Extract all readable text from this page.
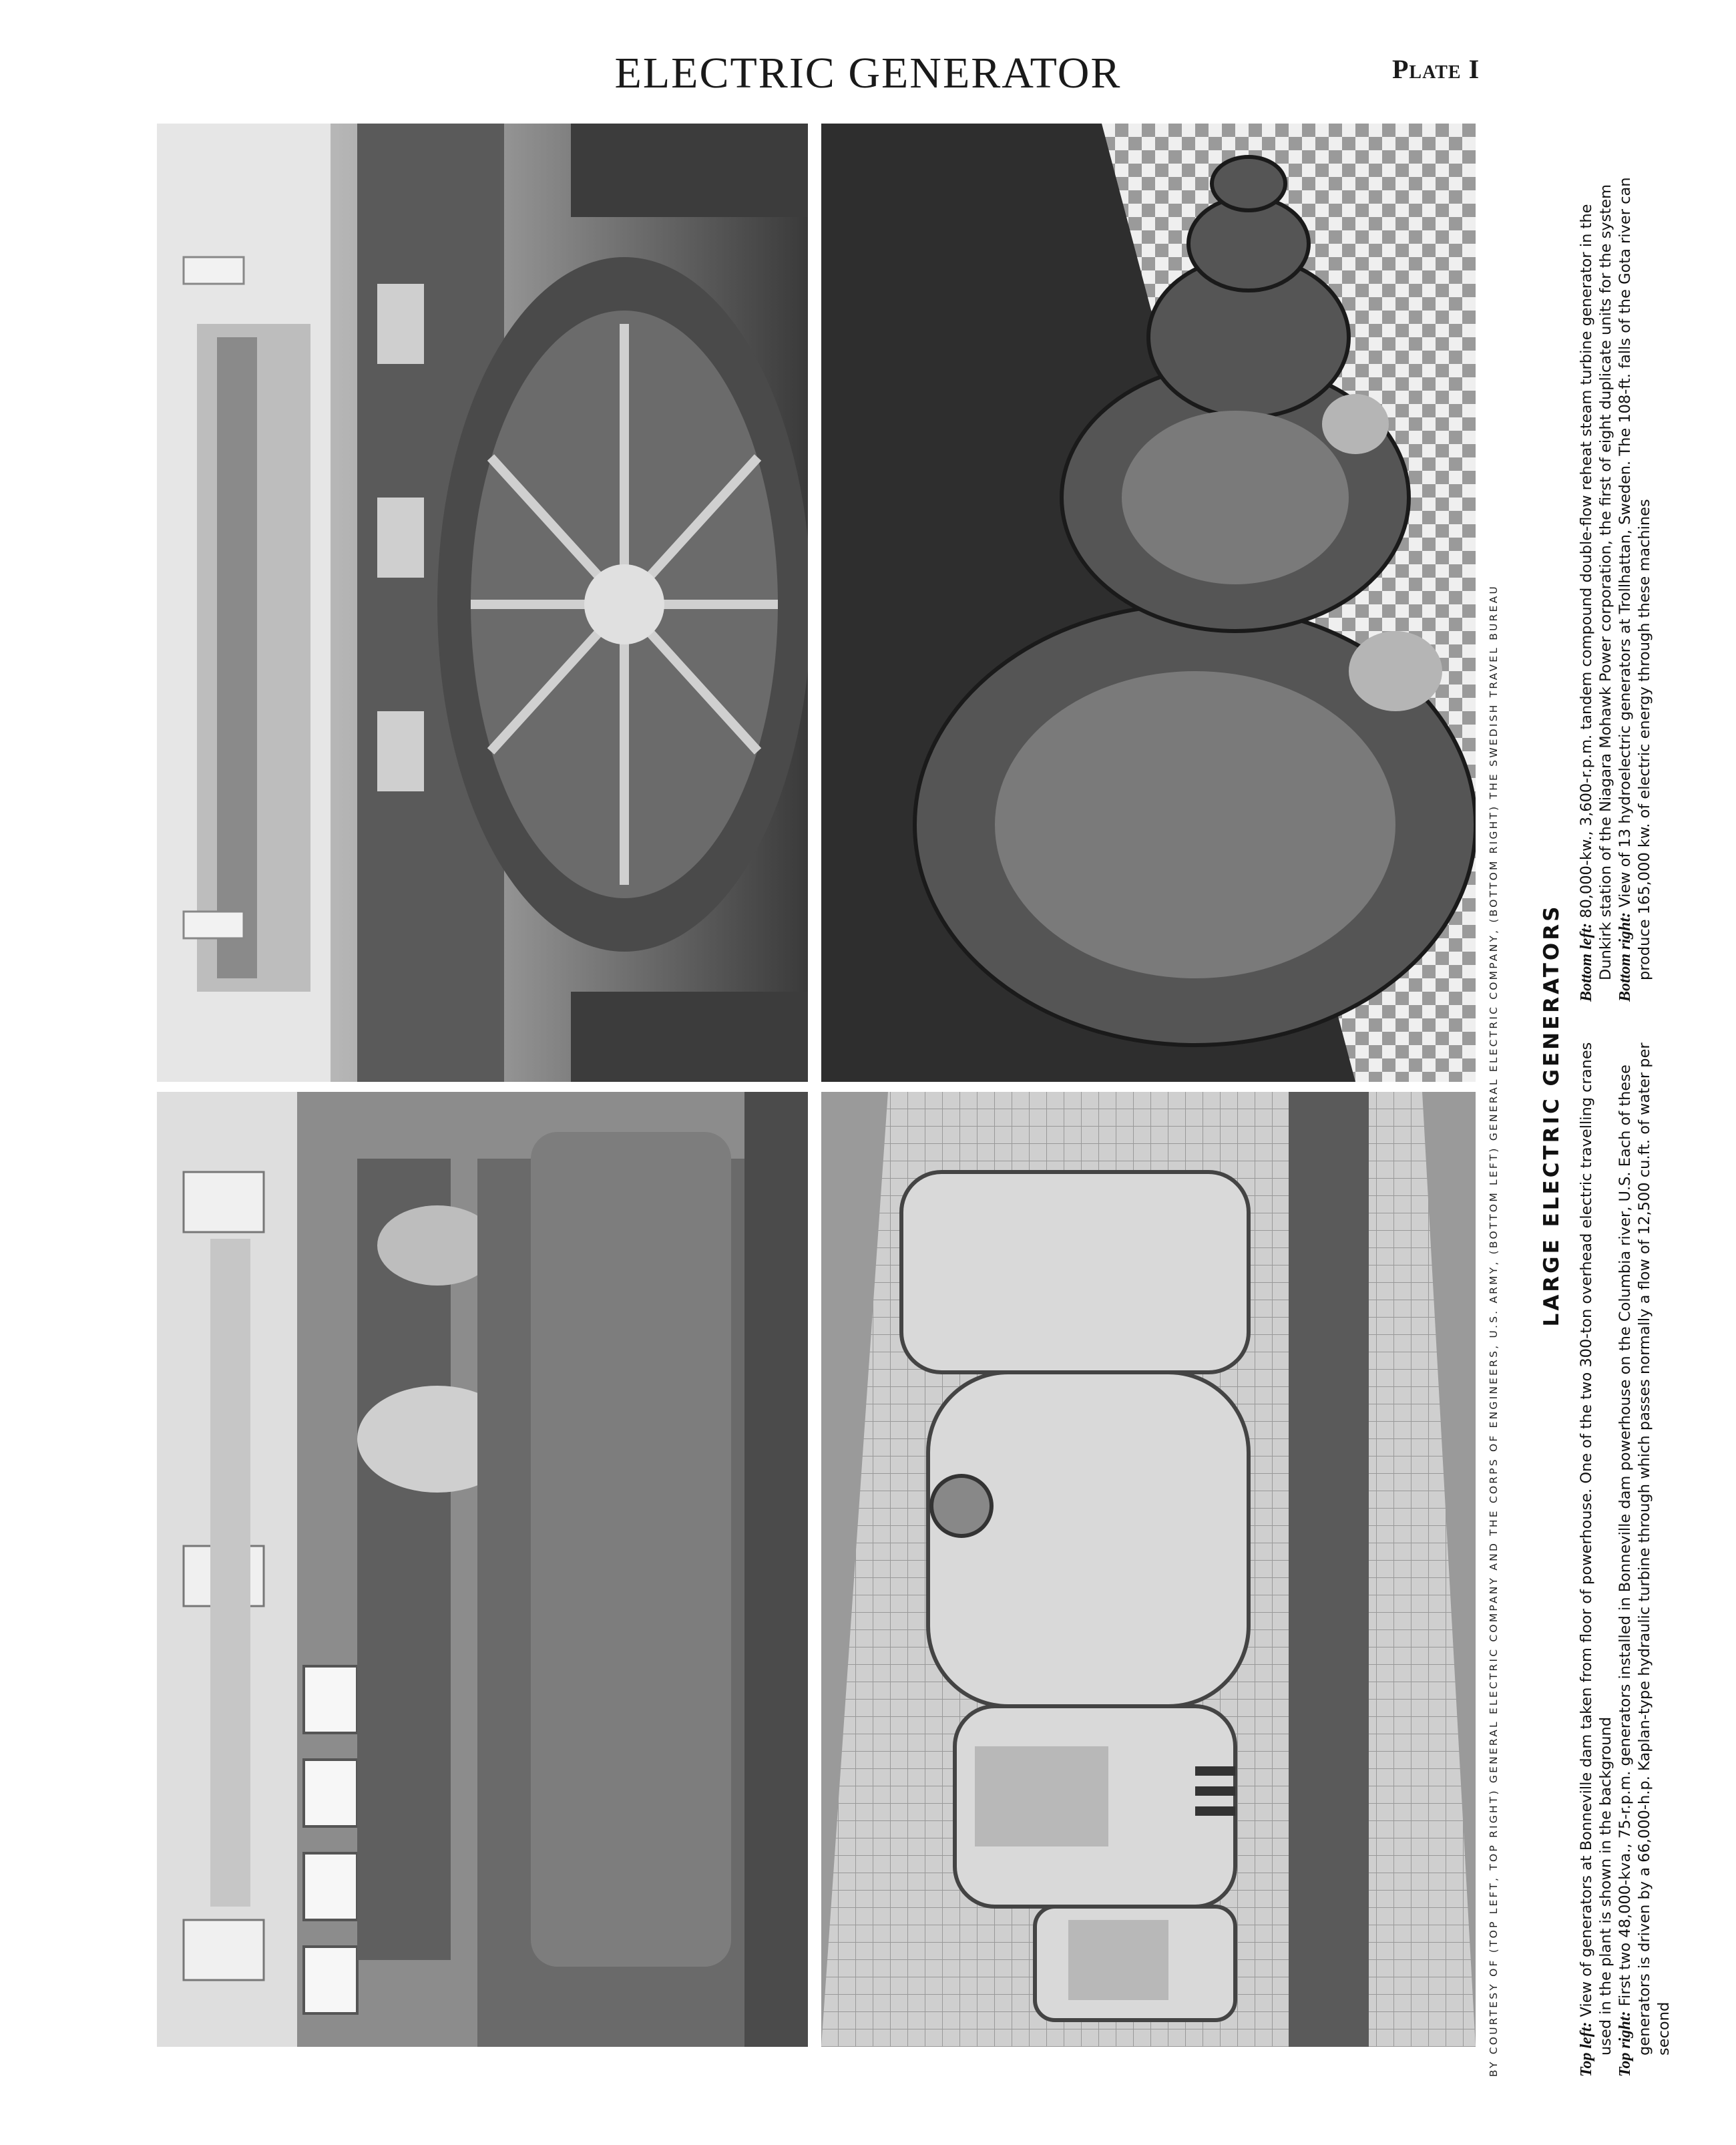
ELECTRIC GENERATOR	Plate I
BY COURTESY OF (TOP LEFT, TOP RIGHT) GENERAL ELECTRIC COMPANY AND THE CORPS OF ENGINEERS, U.S. ARMY, (BOTTOM LEFT) GENERAL ELECTRIC COMPANY, (BOTTOM RIGHT) THE SWEDISH TRAVEL BUREAU LARGE ELECTRIC GENERATORS

Top left: View of generators at Bonneville dam taken from floor of powerhouse. One of the two 300-ton overhead electric travelling cranes used in the plant is shown in the background Top right: First two 48,000-kva., 75-r.p.m. generators installed in Bonneville dam powerhouse on the Columbia river, U.S. Each of these generators is driven by a 66,000-h.p. Kaplan-type hydraulic turbine through which passes normally a flow of 12,500 cu.ft. of water per second

Bottom left: 80,000-kw., 3,600-r.p.m. tandem compound double-flow reheat steam turbine generator in the Dunkirk station of the Niagara Mohawk Power corporation, the first of eight duplicate units for the system Bottom right: View of 13 hydroelectric generators at Trollhattan, Sweden. The 108-ft. falls of the Gota river can produce 165,000 kw. of electric energy through these machines
